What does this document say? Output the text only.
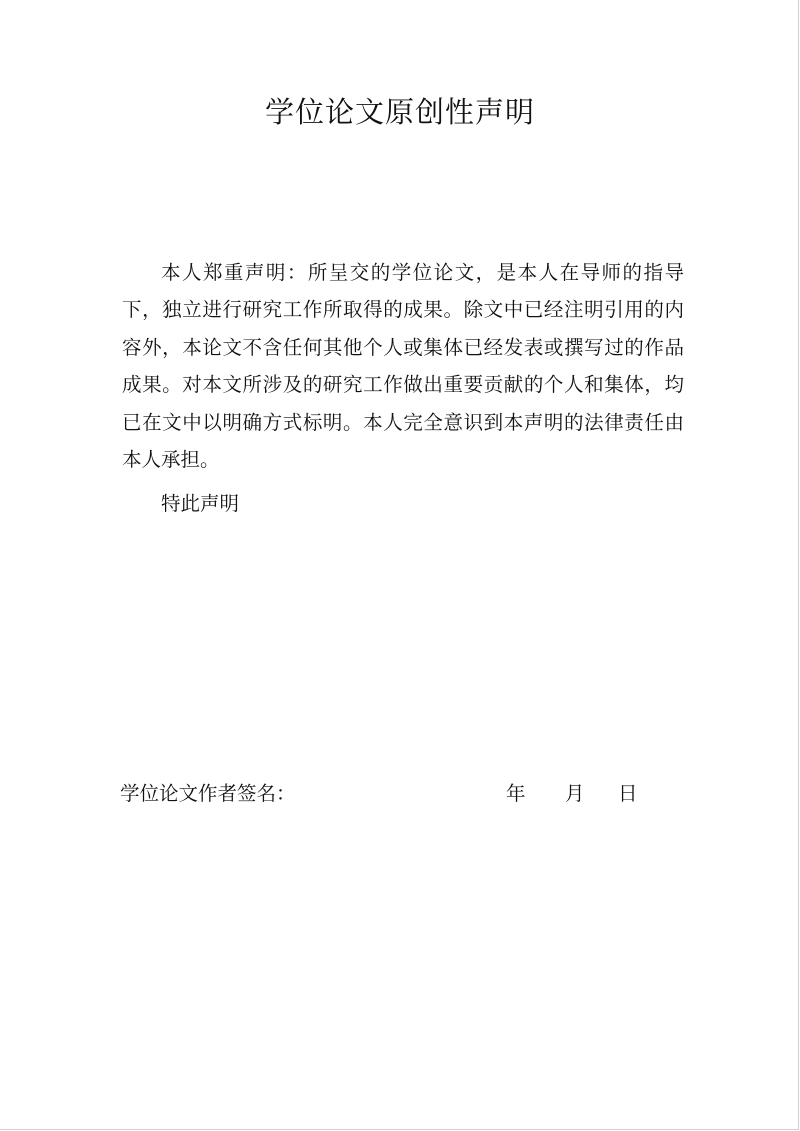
学位论文原创性声明

本人郑重声明：所呈交的学位论文，是本人在导师的指导下，独立进行研究工作所取得的成果。除文中已经注明引用的内容外，本论文不含任何其他个人或集体已经发表或撰写过的作品成果。对本文所涉及的研究工作做出重要贡献的个人和集体，均已在文中以明确方式标明。本人完全意识到本声明的法律责任由本人承担。

特此声明
学位论文作者签名：	年 月 日
